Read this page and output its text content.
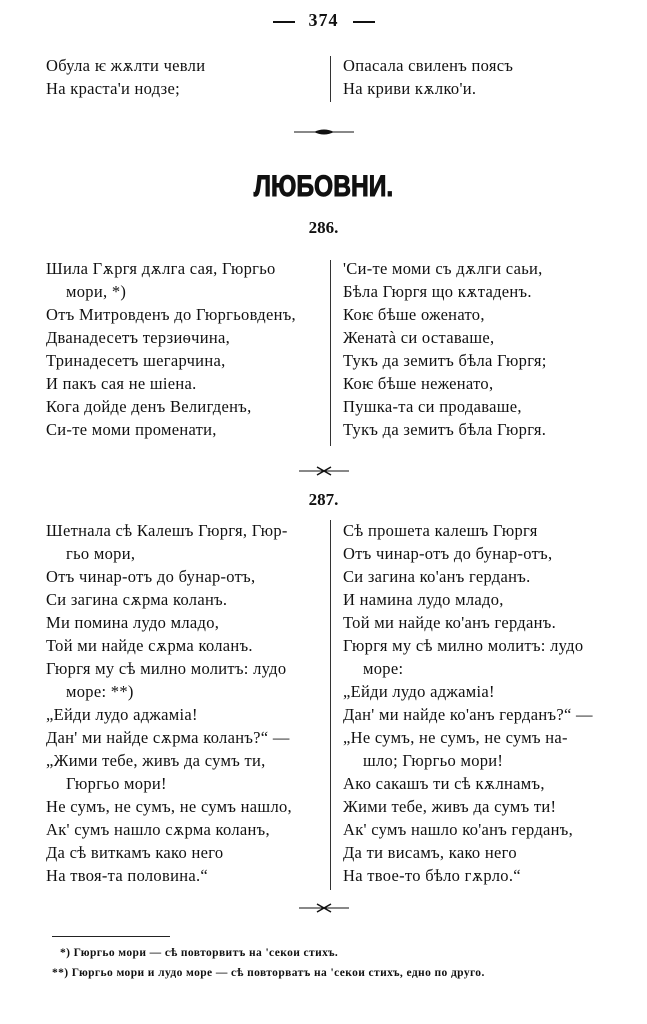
374
Обула ѥ жѫлти чевли
На краста'и нодзе;
Опасала свиленъ поясъ
На криви кѫлко'и.
ЛЮБОВНИ.
286.
Шила Гѫргя дѫлга сая, Гюргьо
мори, *)
Отъ Митровденъ до Гюргьовденъ,
Дванадесетъ терзиѳчина,
Тринадесетъ шегарчина,
И пакъ сая не шіена.
Кога дойде денъ Велигденъ,
Си-те моми променати,
'Си-те моми съ дѫлги саьи,
Бѣла Гюргя що кѫтаденъ.
Коѥ бѣше оженато,
Женатà си оставаше,
Тукъ да земитъ бѣла Гюргя;
Коѥ бѣше неженато,
Пушка-та си продаваше,
Тукъ да земитъ бѣла Гюргя.
287.
Шетнала сѣ Калешъ Гюргя, Гюр-
гьо мори,
Отъ чинар-отъ до бунар-отъ,
Си загина сѫрма коланъ.
Ми помина лудо младо,
Той ми найде сѫрма коланъ.
Гюргя му сѣ милно молитъ: лудо
море: **)
„Ейди лудо аджаміа!
Дан' ми найде сѫрма коланъ?“ —
„Жими тебе, живъ да сумъ ти,
Гюргьо мори!
Не сумъ, не сумъ, не сумъ нашло,
Ак' сумъ нашло сѫрма коланъ,
Да сѣ виткамъ како него
На твоя-та половина.“
Сѣ прошета калешъ Гюргя
Отъ чинар-отъ до бунар-отъ,
Си загина ко'анъ герданъ.
И намина лудо младо,
Той ми найде ко'анъ герданъ.
Гюргя му сѣ милно молитъ: лудо
море:
„Ейди лудо аджаміа!
Дан' ми найде ко'анъ герданъ?“ —
„Не сумъ, не сумъ, не сумъ на-
шло; Гюргьо мори!
Ако сакашъ ти сѣ кѫлнамъ,
Жими тебе, живъ да сумъ ти!
Ак' сумъ нашло ко'анъ герданъ,
Да ти висамъ, како него
На твое-то бѣло гѫрло.“
*) Гюргьо мори — сѣ повторвитъ на 'секои стихъ.
**) Гюргьо мори и лудо море — сѣ повторватъ на 'секои стихъ, едно по друго.
